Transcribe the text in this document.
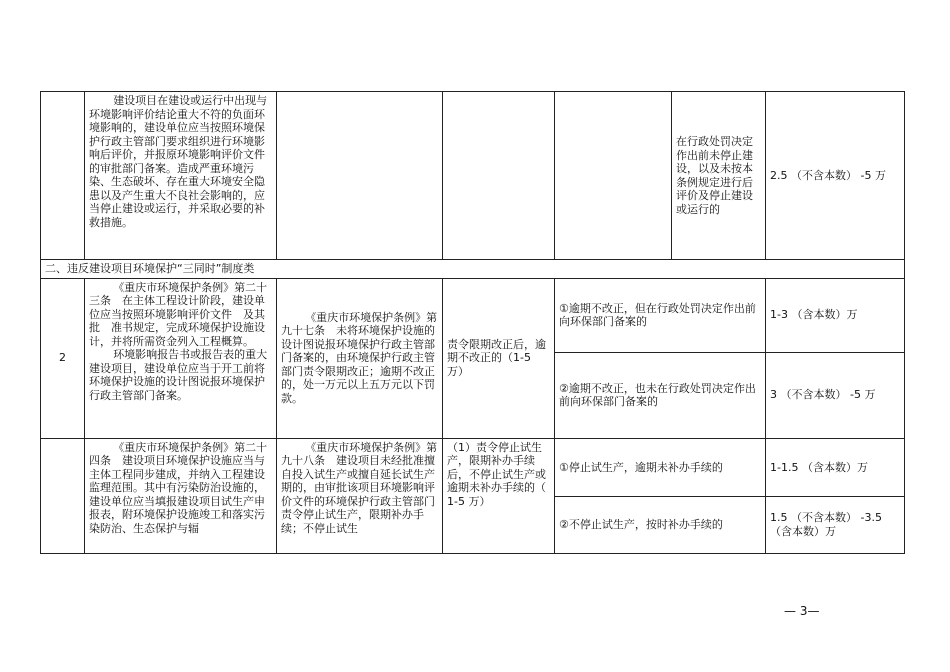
	建设项目在建设或运行中出现与环境影响评价结论重大不符的负面环境影响的，建设单位应当按照环境保护行政主管部门要求组织进行环境影响后评价，并报原环境影响评价文件的审批部门备案。造成严重环境污染、生态破坏、存在重大环境安全隐患以及产生重大不良社会影响的，应当停止建设或运行，并采取必要的补救措施。				在行政处罚决定作出前未停止建设，以及未按本条例规定进行后评价及停止建设或运行的	2.5 （不含本数） -5 万
二、违反建设项目环境保护“三同时”制度类						
2	《重庆市环境保护条例》第二十三条　在主体工程设计阶段，建设单位应当按照环境影响评价文件　及其批　准书规定，完成环境保护设施设计，并将所需资金列入工程概算。

环境影响报告书或报告表的重大建设项目，建设单位应当于开工前将环境保护设施的设计图说报环境保护行政主管部门备案。	《重庆市环境保护条例》第九十七条　未将环境保护设施的设计图说报环境保护行政主管部门备案的，由环境保护行政主管部门责令限期改正；逾期不改正的，处一万元以上五万元以下罚款。	责令限期改正后，逾期不改正的（1-5 万）	①逾期不改正，但在行政处罚决定作出前向环保部门备案的		1-3 （含本数）万
				②逾期不改正，也未在行政处罚决定作出前向环保部门备案的		3 （不含本数） -5 万

	《重庆市环境保护条例》第二十四条　建设项目环境保护设施应当与主体工程同步建成，并纳入工程建设监理范围。其中有污染防治设施的，建设单位应当填报建设项目试生产申报表，附环境保护设施竣工和落实污染防治、生态保护与辐	《重庆市环境保护条例》第九十八条　建设项目未经批准擅自投入试生产或擅自延长试生产期的，由审批该项目环境影响评价文件的环境保护行政主管部门责令停止试生产，限期补办手续；不停止试生	（1）责令停止试生产，限期补办手续后，不停止试生产或逾期未补办手续的（ 1-5 万）	①停止试生产，逾期未补办手续的		1-1.5 （含本数）万
				②不停止试生产，按时补办手续的		1.5 （不含本数） -3.5 （含本数）万
— 3—
